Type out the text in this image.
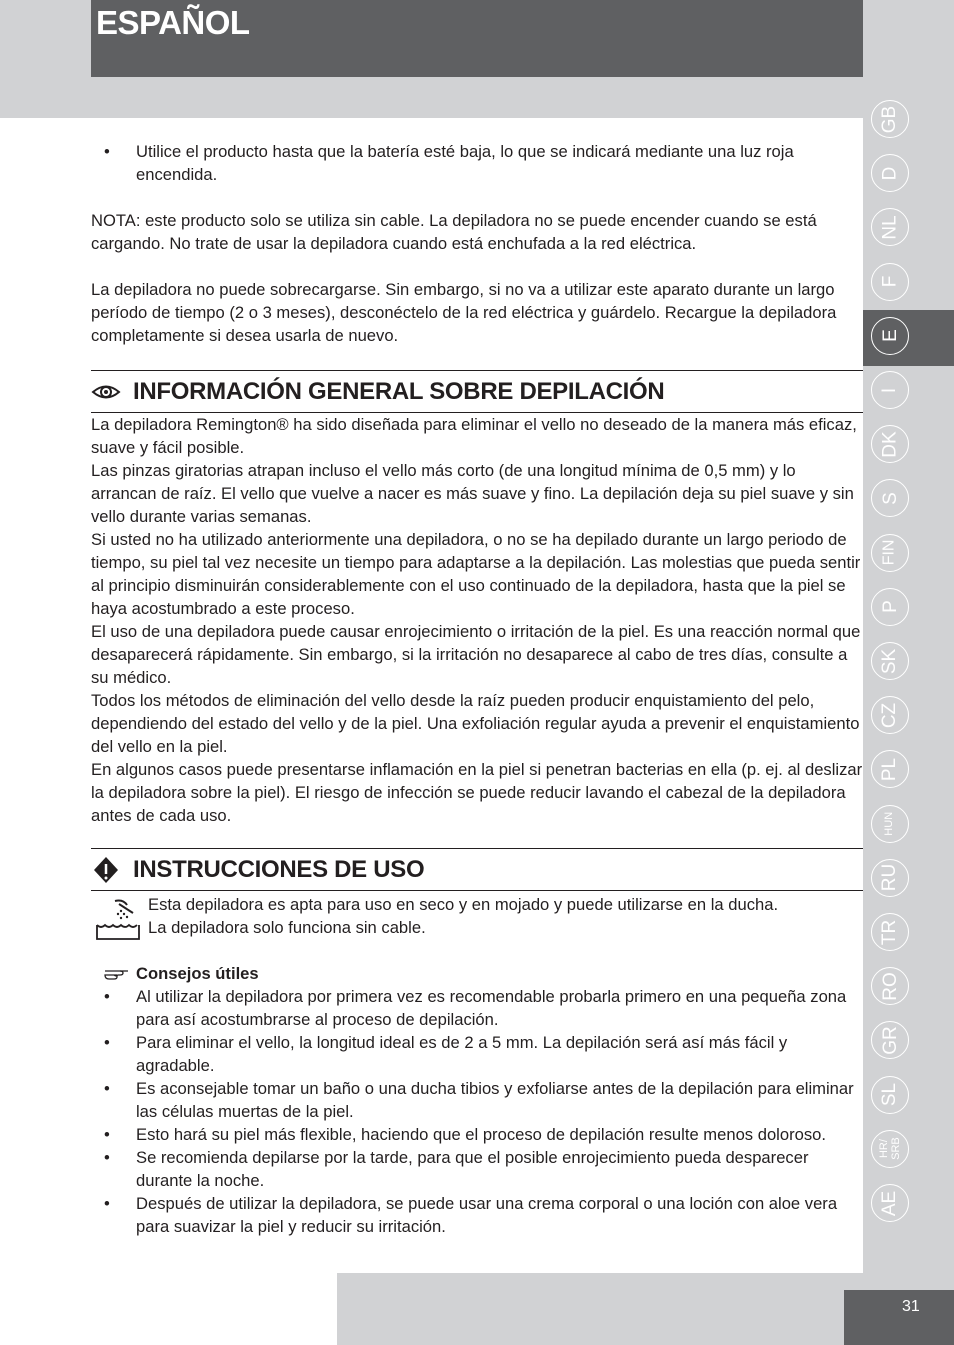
ESPAÑOL
GB
D
NL
F
E
I
DK
S
FIN
P
SK
CZ
PL
HUN
RU
TR
RO
GR
SL
HR/
SRB
AE
31
• Utilice el producto hasta que la batería esté baja, lo que se indicará mediante una luz roja encendida.

NOTA: este producto solo se utiliza sin cable. La depiladora no se puede encender cuando se está cargando. No trate de usar la depiladora cuando está enchufada a la red eléctrica.

La depiladora no puede sobrecargarse. Sin embargo, si no va a utilizar este aparato durante un largo período de tiempo (2 o 3 meses), desconéctelo de la red eléctrica y guárdelo. Recargue la depiladora completamente si desea usarla de nuevo.

INFORMACIÓN GENERAL SOBRE DEPILACIÓN

La depiladora Remington® ha sido diseñada para eliminar el vello no deseado de la manera más eficaz, suave y fácil posible.

Las pinzas giratorias atrapan incluso el vello más corto (de una longitud mínima de 0,5 mm) y lo arrancan de raíz. El vello que vuelve a nacer es más suave y fino. La depilación deja su piel suave y sin vello durante varias semanas.

Si usted no ha utilizado anteriormente una depiladora, o no se ha depilado durante un largo periodo de tiempo, su piel tal vez necesite un tiempo para adaptarse a la depilación. Las molestias que pueda sentir al principio disminuirán considerablemente con el uso continuado de la depiladora, hasta que la piel se haya acostumbrado a este proceso.

El uso de una depiladora puede causar enrojecimiento o irritación de la piel. Es una reacción normal que desaparecerá rápidamente. Sin embargo, si la irritación no desaparece al cabo de tres días, consulte a su médico.

Todos los métodos de eliminación del vello desde la raíz pueden producir enquistamiento del pelo, dependiendo del estado del vello y de la piel. Una exfoliación regular ayuda a prevenir el enquistamiento del vello en la piel.

En algunos casos puede presentarse inflamación en la piel si penetran bacterias en ella (p. ej. al deslizar la depiladora sobre la piel). El riesgo de infección se puede reducir lavando el cabezal de la depiladora antes de cada uso.

INSTRUCCIONES DE USO
Esta depiladora es apta para uso en seco y en mojado y puede utilizarse en la ducha.
La depiladora solo funciona sin cable.
Consejos útiles
• Al utilizar la depiladora por primera vez es recomendable probarla primero en una pequeña zona para así acostumbrarse al proceso de depilación.
• Para eliminar el vello, la longitud ideal es de 2 a 5 mm. La depilación será así más fácil y agradable.
• Es aconsejable tomar un baño o una ducha tibios y exfoliarse antes de la depilación para eliminar las células muertas de la piel.
• Esto hará su piel más flexible, haciendo que el proceso de depilación resulte menos doloroso.
• Se recomienda depilarse por la tarde, para que el posible enrojecimiento pueda desparecer durante la noche.
• Después de utilizar la depiladora, se puede usar una crema corporal o una loción con aloe vera para suavizar la piel y reducir su irritación.
